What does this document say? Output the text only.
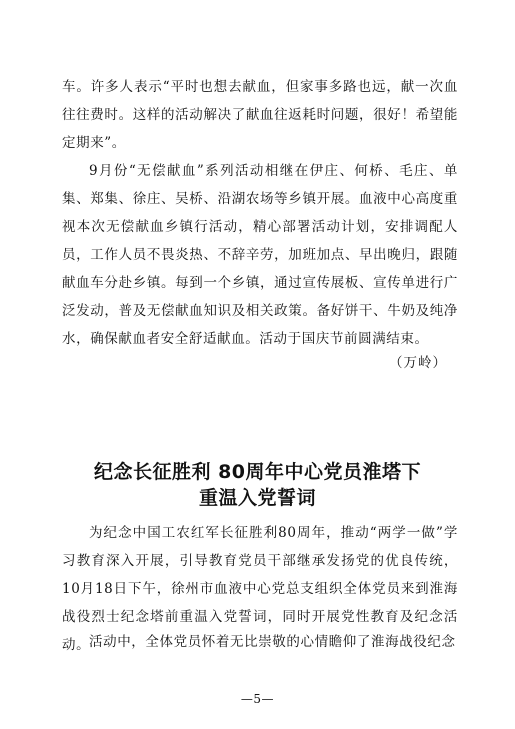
车。许多人表示“平时也想去献血，但家事多路也远，献一次血往往费时。这样的活动解决了献血往返耗时问题，很好！希望能定期来”。

9月份“无偿献血”系列活动相继在伊庄、何桥、毛庄、单集、郑集、徐庄、吴桥、沿湖农场等乡镇开展。血液中心高度重视本次无偿献血乡镇行活动，精心部署活动计划，安排调配人员，工作人员不畏炎热、不辞辛劳，加班加点、早出晚归，跟随献血车分赴乡镇。每到一个乡镇，通过宣传展板、宣传单进行广泛发动，普及无偿献血知识及相关政策。备好饼干、牛奶及纯净水，确保献血者安全舒适献血。活动于国庆节前圆满结束。

（万岭）
纪念长征胜利 80周年中心党员淮塔下
重温入党誓词

为纪念中国工农红军长征胜利80周年，推动“两学一做”学习教育深入开展，引导教育党员干部继承发扬党的优良传统，10月18日下午，徐州市血液中心党总支组织全体党员来到淮海战役烈士纪念塔前重温入党誓词，同时开展党性教育及纪念活动。

活动中，全体党员怀着无比崇敬的心情瞻仰了淮海战役纪念

—5—
